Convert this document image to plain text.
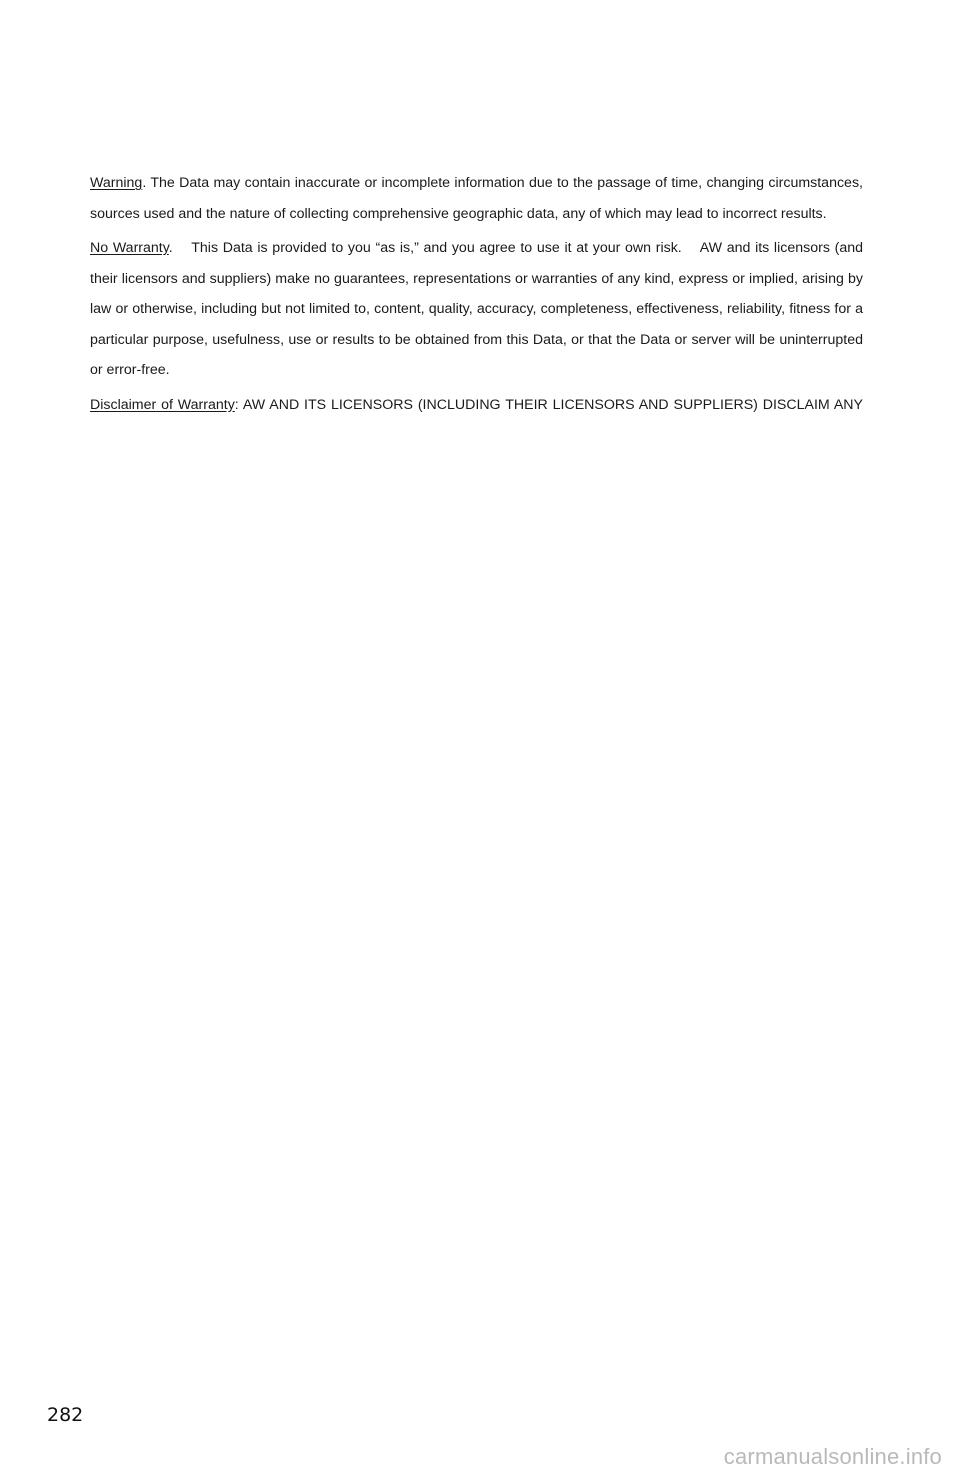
Warning. The Data may contain inaccurate or incomplete information due to the passage of time, changing circumstances, sources used and the nature of collecting comprehensive geographic data, any of which may lead to incorrect results.

No Warranty.    This Data is provided to you “as is,” and you agree to use it at your own risk.    AW and its licensors (and their licensors and suppliers) make no guarantees, representations or warranties of any kind, express or implied, arising by law or otherwise, including but not limited to, content, quality, accuracy, completeness, effectiveness, reliability, fitness for a particular purpose, usefulness, use or results to be obtained from this Data, or that the Data or server will be uninterrupted or error-free.

Disclaimer of Warranty: AW AND ITS LICENSORS (INCLUDING THEIR LICENSORS AND SUPPLIERS) DISCLAIM ANY

282
carmanualsonline.info
